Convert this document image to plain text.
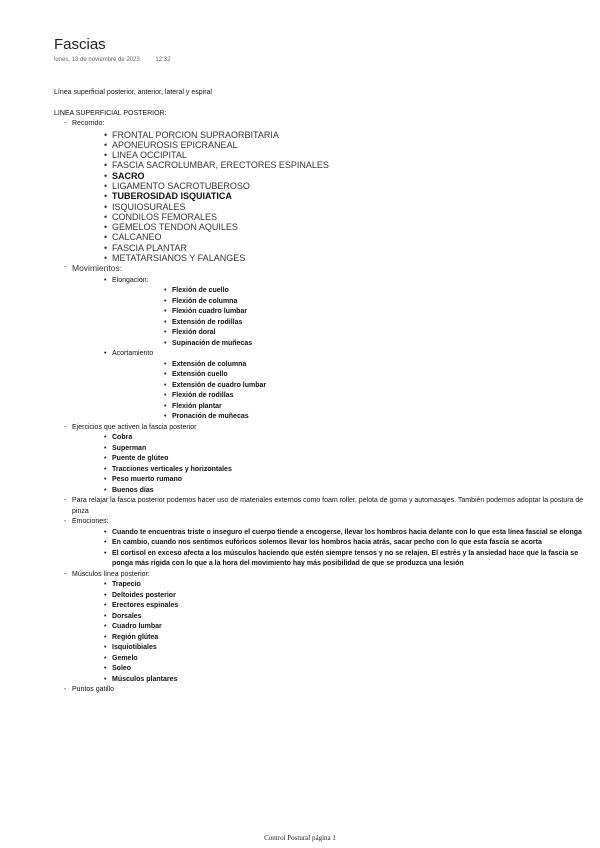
Fascias
lunes, 13 de noviembre de 2023	12:32
Línea superficial posterior, anterior, lateral y espiral
LINEA SUPERFICIAL POSTERIOR:
- Recorrido:
• FRONTAL PORCION SUPRAORBITARIA
• APONEUROSIS EPICRANEAL
• LINEA OCCIPITAL
• FASCIA SACROLUMBAR, ERECTORES ESPINALES
• SACRO
• LIGAMENTO SACROTUBEROSO
• TUBEROSIDAD ISQUIATICA
• ISQUIOSURALES
• CONDILOS FEMORALES
• GEMELOS TENDON AQUILES
• CALCANEO
• FASCIA PLANTAR
• METATARSIANOS Y FALANGES
- Movimientos:
• Elongación:
• Flexión de cuello
• Flexión de columna
• Flexión cuadro lumbar
• Extensión de rodillas
• Flexión doral
• Supinación de muñecas
• Acortamiento
• Extensión de columna
• Extensión cuello
• Extensión de cuadro lumbar
• Flexión de rodillas
• Flexión plantar
• Pronación de muñecas
- Ejercicios que activen la fascia posterior
• Cobra
• Superman
• Puente de glúteo
• Tracciones verticales y horizontales
• Peso muerto rumano
• Buenos días
- Para relajar la fascia posterior podemos hacer uso de materiales externos como foam roller, pelota de goma y automasajes. También podemos adoptar la postura de pinza
- Emociones:
• Cuando te encuentras triste o inseguro el cuerpo tiende a encogerse, llevar los hombros hacia delante con lo que esta línea fascial se elonga
• En cambio, cuando nos sentimos eufóricos solemos llevar los hombros hacia atrás, sacar pecho con lo que esta fascia se acorta
• El cortisol en exceso afecta a los músculos haciendo que estén siempre tensos y no se relajen. El estrés y la ansiedad hace que la fascia se ponga más rígida con lo que a la hora del movimiento hay más posibilidad de que se produzca una lesión
- Músculos línea posterior:
• Trapecio
• Deltoides posterior
• Erectores espinales
• Dorsales
• Cuadro lumbar
• Región glútea
• Isquiotibiales
• Gemelo
• Soleo
• Músculos plantares
- Puntos gatillo
Control Postural página 1
